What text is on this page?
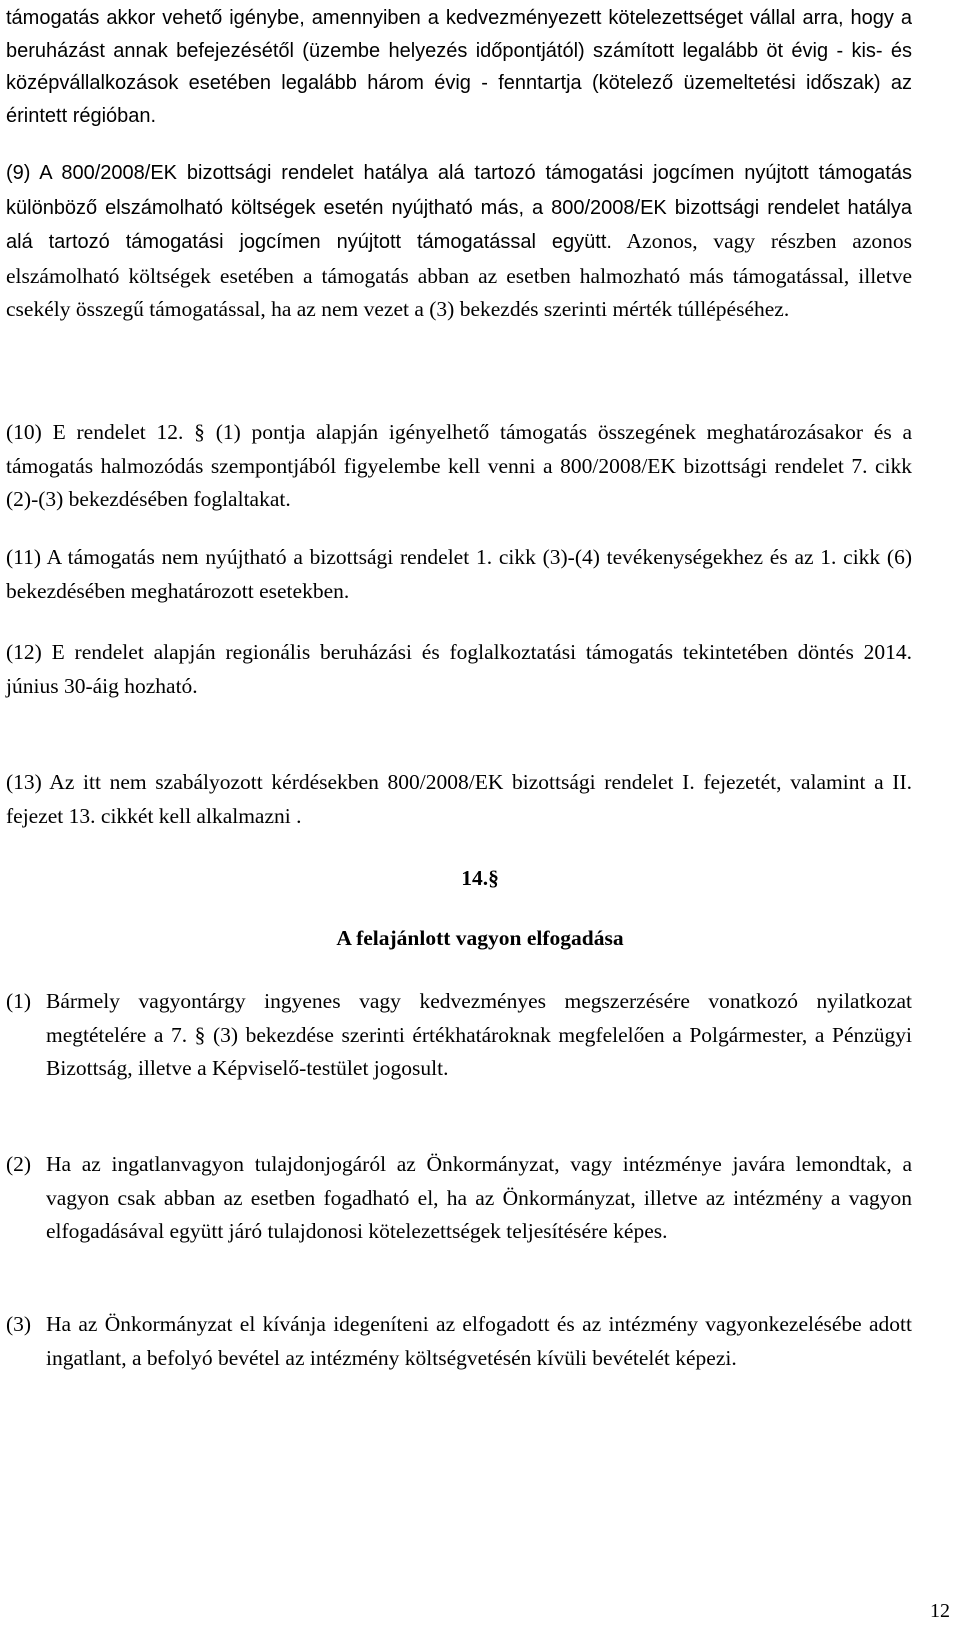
támogatás akkor vehető igénybe, amennyiben a kedvezményezett kötelezettséget vállal arra, hogy a beruházást annak befejezésétől (üzembe helyezés időpontjától) számított legalább öt évig - kis- és középvállalkozások esetében legalább három évig - fenntartja (kötelező üzemeltetési időszak) az érintett régióban.
(9) A 800/2008/EK bizottsági rendelet hatálya alá tartozó támogatási jogcímen nyújtott támogatás különböző elszámolható költségek esetén nyújtható más, a 800/2008/EK bizottsági rendelet hatálya alá tartozó támogatási jogcímen nyújtott támogatással együtt. Azonos, vagy részben azonos elszámolható költségek esetében a támogatás abban az esetben halmozható más támogatással, illetve csekély összegű támogatással, ha az nem vezet a (3) bekezdés szerinti mérték túllépéséhez.
(10) E rendelet 12. § (1) pontja alapján igényelhető támogatás összegének meghatározásakor és a támogatás halmozódás szempontjából figyelembe kell venni a 800/2008/EK bizottsági rendelet 7. cikk (2)-(3) bekezdésében foglaltakat.
(11) A támogatás nem nyújtható a bizottsági rendelet 1. cikk (3)-(4) tevékenységekhez és az 1. cikk (6) bekezdésében meghatározott esetekben.
(12) E rendelet alapján regionális beruházási és foglalkoztatási támogatás tekintetében döntés 2014. június 30-áig hozható.
(13) Az itt nem szabályozott kérdésekben 800/2008/EK bizottsági rendelet I. fejezetét, valamint a II. fejezet 13. cikkét kell alkalmazni .
14.§
A felajánlott vagyon elfogadása
(1) Bármely vagyontárgy ingyenes vagy kedvezményes megszerzésére vonatkozó nyilatkozat megtételére a 7. § (3) bekezdése szerinti értékhatároknak megfelelően a Polgármester, a Pénzügyi Bizottság, illetve a Képviselő-testület jogosult.
(2) Ha az ingatlanvagyon tulajdonjogáról az Önkormányzat, vagy intézménye javára lemondtak, a vagyon csak abban az esetben fogadható el, ha az Önkormányzat, illetve az intézmény a vagyon elfogadásával együtt járó tulajdonosi kötelezettségek teljesítésére képes.
(3) Ha az Önkormányzat el kívánja idegeníteni az elfogadott és az intézmény vagyonkezelésébe adott ingatlant, a befolyó bevétel az intézmény költségvetésén kívüli bevételét képezi.
12
